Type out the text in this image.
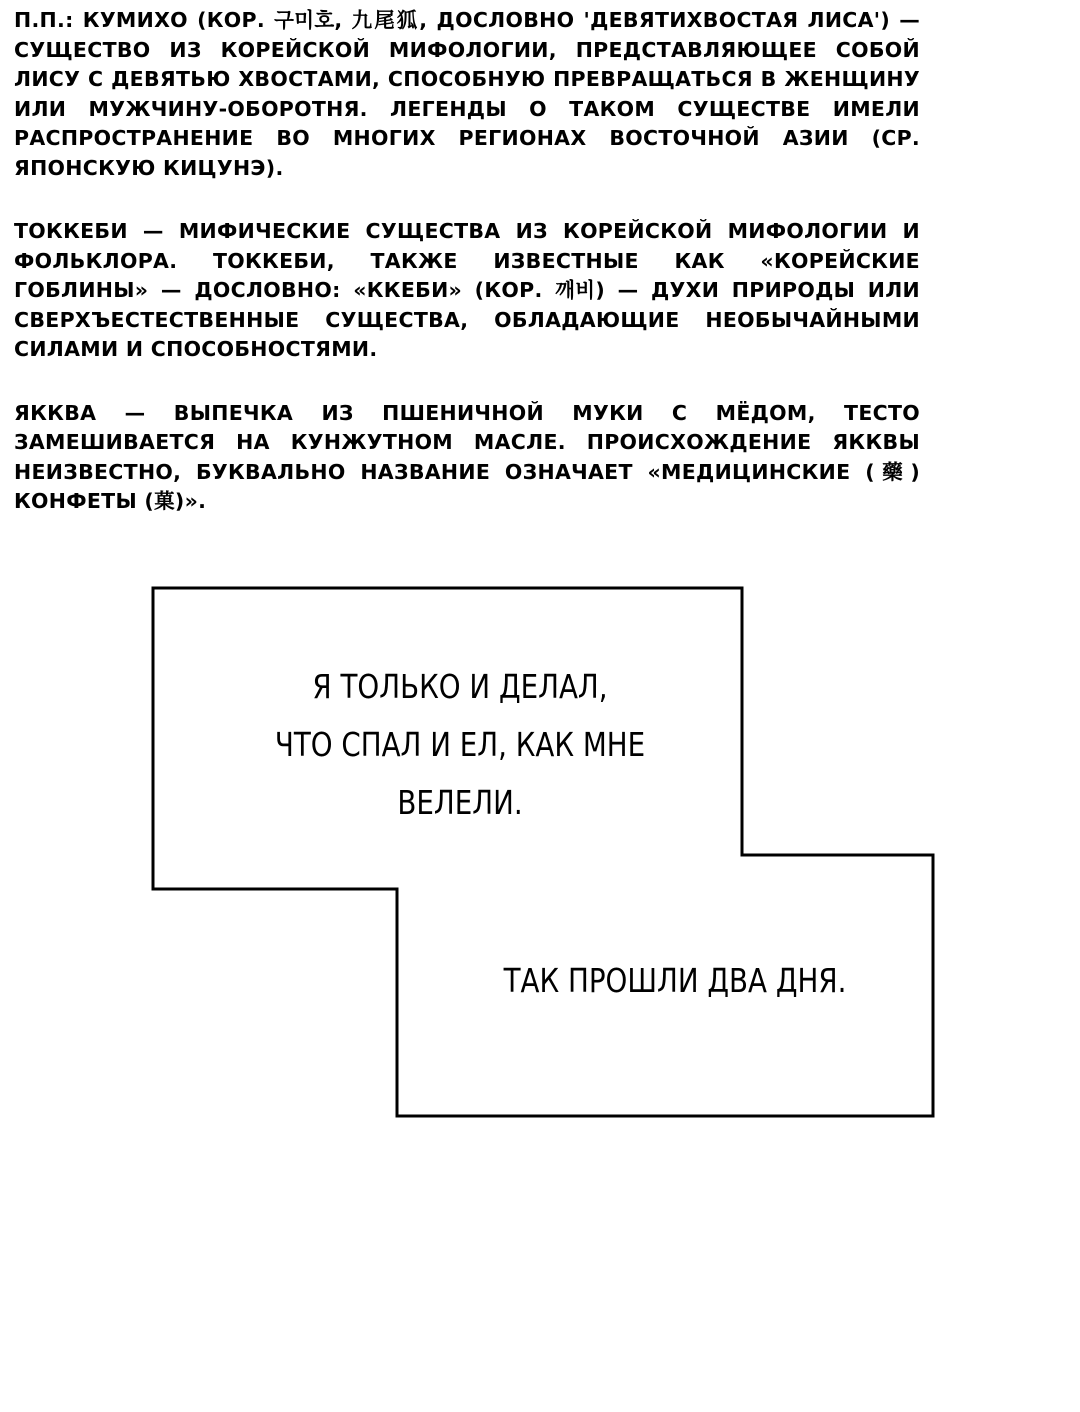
П.П.: КУМИХО (КОР. 구미호, 九尾狐, ДОСЛОВНО 'ДЕВЯТИХВОСТАЯ ЛИСА') — СУЩЕСТВО ИЗ КОРЕЙСКОЙ МИФОЛОГИИ, ПРЕДСТАВЛЯЮЩЕЕ СОБОЙ ЛИСУ С ДЕВЯТЬЮ ХВОСТАМИ, СПОСОБНУЮ ПРЕВРАЩАТЬСЯ В ЖЕНЩИНУ ИЛИ МУЖЧИНУ-ОБОРОТНЯ. ЛЕГЕНДЫ О ТАКОМ СУЩЕСТВЕ ИМЕЛИ РАСПРОСТРАНЕНИЕ ВО МНОГИХ РЕГИОНАХ ВОСТОЧНОЙ АЗИИ (СР. ЯПОНСКУЮ КИЦУНЭ).

ТОККЕБИ — МИФИЧЕСКИЕ СУЩЕСТВА ИЗ КОРЕЙСКОЙ МИФОЛОГИИ И ФОЛЬКЛОРА. ТОККЕБИ, ТАКЖЕ ИЗВЕСТНЫЕ КАК «КОРЕЙСКИЕ ГОБЛИНЫ» — ДОСЛОВНО: «ККЕБИ» (КОР. 깨비) — ДУХИ ПРИРОДЫ ИЛИ СВЕРХЪЕСТЕСТВЕННЫЕ СУЩЕСТВА, ОБЛАДАЮЩИЕ НЕОБЫЧАЙНЫМИ СИЛАМИ И СПОСОБНОСТЯМИ.

ЯККВА — ВЫПЕЧКА ИЗ ПШЕНИЧНОЙ МУКИ С МЁДОМ, ТЕСТО ЗАМЕШИВАЕТСЯ НА КУНЖУТНОМ МАСЛЕ. ПРОИСХОЖДЕНИЕ ЯККВЫ НЕИЗВЕСТНО, БУКВАЛЬНО НАЗВАНИЕ ОЗНАЧАЕТ «МЕДИЦИНСКИЕ (藥) КОНФЕТЫ (菓)».

Я ТОЛЬКО И ДЕЛАЛ,
ЧТО СПАЛ И ЕЛ, КАК МНЕ
ВЕЛЕЛИ.
ТАК ПРОШЛИ ДВА ДНЯ.
